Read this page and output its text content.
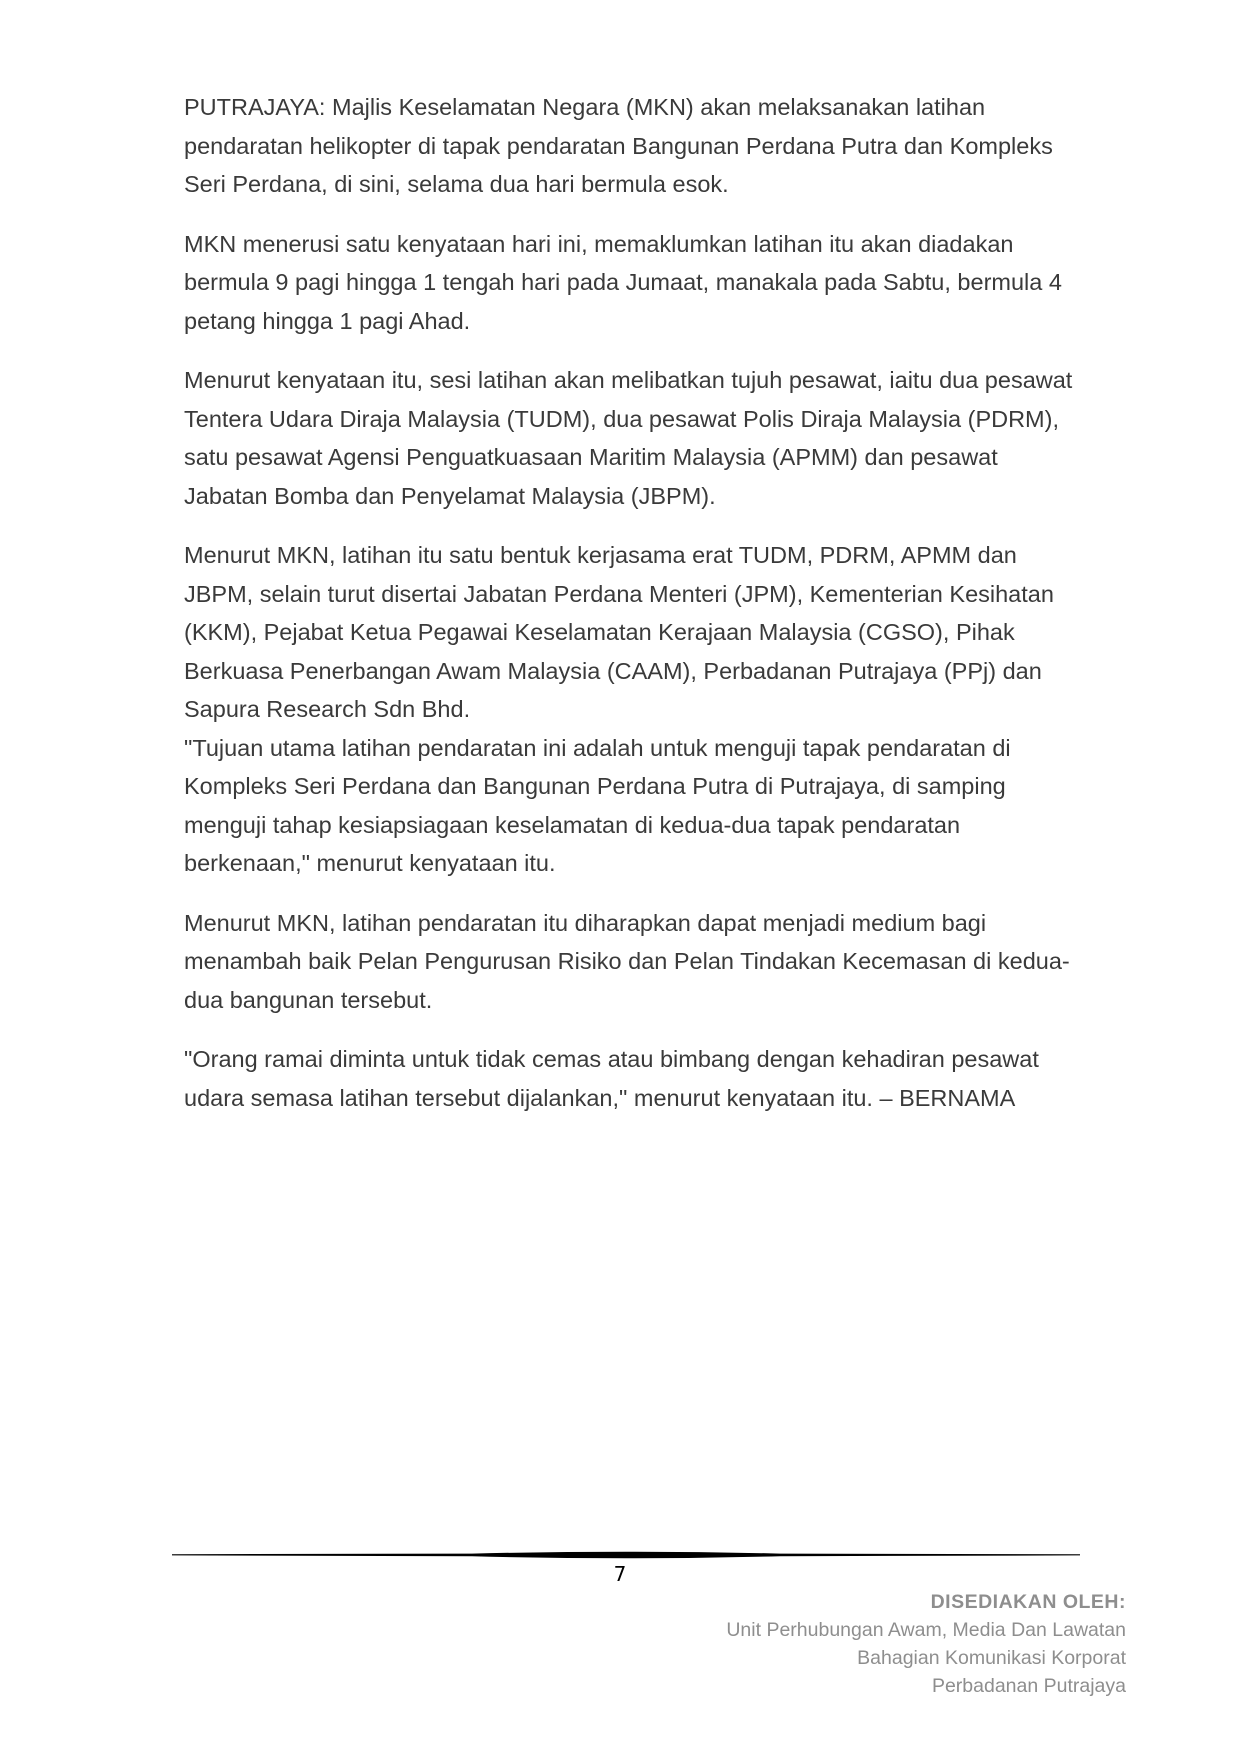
PUTRAJAYA: Majlis Keselamatan Negara (MKN) akan melaksanakan latihan pendaratan helikopter di tapak pendaratan Bangunan Perdana Putra dan Kompleks Seri Perdana, di sini, selama dua hari bermula esok.

MKN menerusi satu kenyataan hari ini, memaklumkan latihan itu akan diadakan bermula 9 pagi hingga 1 tengah hari pada Jumaat, manakala pada Sabtu, bermula 4 petang hingga 1 pagi Ahad.

Menurut kenyataan itu, sesi latihan akan melibatkan tujuh pesawat, iaitu dua pesawat Tentera Udara Diraja Malaysia (TUDM), dua pesawat Polis Diraja Malaysia (PDRM), satu pesawat Agensi Penguatkuasaan Maritim Malaysia (APMM) dan pesawat Jabatan Bomba dan Penyelamat Malaysia (JBPM).

Menurut MKN, latihan itu satu bentuk kerjasama erat TUDM, PDRM, APMM dan JBPM, selain turut disertai Jabatan Perdana Menteri (JPM), Kementerian Kesihatan (KKM), Pejabat Ketua Pegawai Keselamatan Kerajaan Malaysia (CGSO), Pihak Berkuasa Penerbangan Awam Malaysia (CAAM), Perbadanan Putrajaya (PPj) dan Sapura Research Sdn Bhd.

"Tujuan utama latihan pendaratan ini adalah untuk menguji tapak pendaratan di Kompleks Seri Perdana dan Bangunan Perdana Putra di Putrajaya, di samping menguji tahap kesiapsiagaan keselamatan di kedua-dua tapak pendaratan berkenaan," menurut kenyataan itu.

Menurut MKN, latihan pendaratan itu diharapkan dapat menjadi medium bagi menambah baik Pelan Pengurusan Risiko dan Pelan Tindakan Kecemasan di kedua-dua bangunan tersebut.

"Orang ramai diminta untuk tidak cemas atau bimbang dengan kehadiran pesawat udara semasa latihan tersebut dijalankan," menurut kenyataan itu. – BERNAMA

7
DISEDIAKAN OLEH:
Unit Perhubungan Awam, Media Dan Lawatan
Bahagian Komunikasi Korporat
Perbadanan Putrajaya
